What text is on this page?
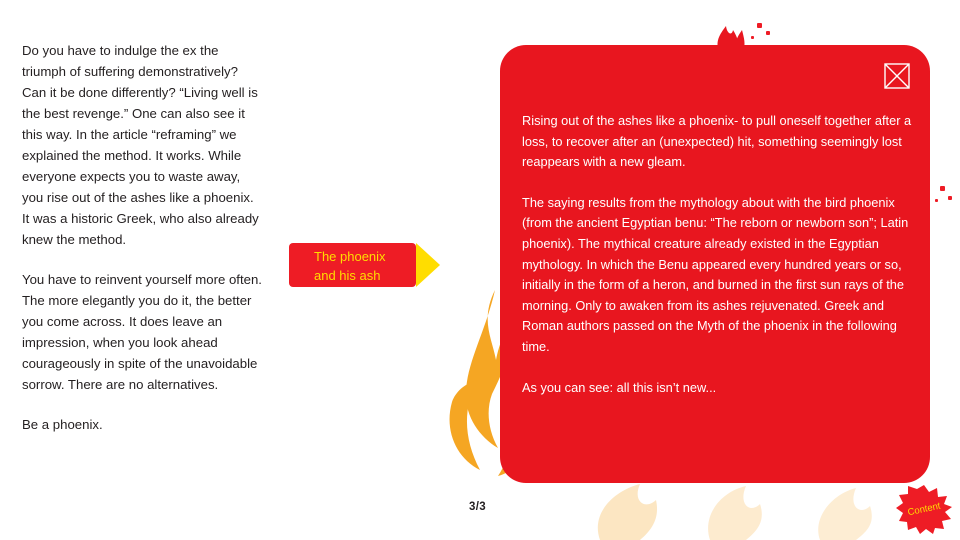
Do you have to indulge the ex the triumph of suffering demonstratively? Can it be done differently? “Living well is the best revenge.” One can also see it this way. In the article “reframing” we explained the method. It works. While everyone expects you to waste away, you rise out of the ashes like a phoenix. It was a historic Greek, who also already knew the method.

You have to reinvent yourself more often. The more elegantly you do it, the better you come across. It does leave an impression, when you look ahead courageously in spite of the unavoidable sorrow. There are no alternatives.

Be a phoenix.

The phoenix
and his ash

Rising out of the ashes like a phoenix- to pull oneself together after a loss, to recover after an (unexpected) hit, something seemingly lost reappears with a new gleam.

The saying results from the mythology about with the bird phoenix (from the ancient Egyptian benu: “The reborn or newborn son”; Latin phoenix). The mythical creature already existed in the Egyptian mythology. In which the Benu appeared every hundred years or so, initially in the form of a heron, and burned in the first sun rays of the morning. Only to awaken from its ashes rejuvenated. Greek and Roman authors passed on the Myth of the phoenix in the following time.

As you can see: all this isn’t new...

3/3	Content
